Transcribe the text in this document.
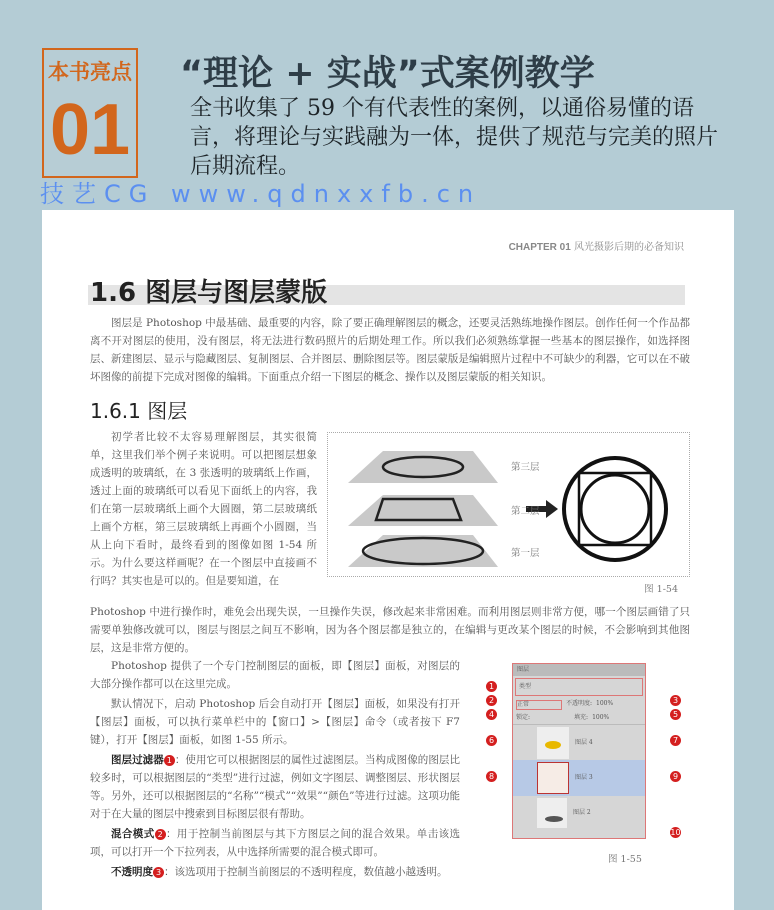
本书亮点
01
“理论 + 实战”式案例教学
全书收集了 59 个有代表性的案例，以通俗易懂的语言，将理论与实践融为一体，提供了规范与完美的照片后期流程。
CHAPTER 01 风光摄影后期的必备知识
1.6 图层与图层蒙版
图层是 Photoshop 中最基础、最重要的内容，除了要正确理解图层的概念，还要灵活熟练地操作图层。创作任何一个作品都离不开对图层的使用，没有图层，将无法进行数码照片的后期处理工作。所以我们必须熟练掌握一些基本的图层操作，如选择图层、新建图层、显示与隐藏图层、复制图层、合并图层、删除图层等。图层蒙版是编辑照片过程中不可缺少的利器，它可以在不破坏图像的前提下完成对图像的编辑。下面重点介绍一下图层的概念、操作以及图层蒙版的相关知识。
1.6.1 图层
第三层
第二层
第一层
图 1-54

初学者比较不太容易理解图层，其实很简单，这里我们举个例子来说明。可以把图层想象成透明的玻璃纸，在 3 张透明的玻璃纸上作画，透过上面的玻璃纸可以看见下面纸上的内容，我们在第一层玻璃纸上画个大圆圈，第二层玻璃纸上画个方框，第三层玻璃纸上再画个小圆圈，当从上向下看时，最终看到的图像如图 1-54 所示。为什么要这样画呢？在一个图层中直接画不行吗？其实也是可以的。但是要知道，在

Photoshop 中进行操作时，难免会出现失误，一旦操作失误，修改起来非常困难。而利用图层则非常方便，哪一个图层画错了只需要单独修改就可以，图层与图层之间互不影响，因为各个图层都是独立的，在编辑与更改某个图层的时候，不会影响到其他图层，这是非常方便的。

图层
类型
正常	不透明度: 100%
锁定:	填充: 100%
图层 4
图层 3
图层 2
1
2	3
4	5
6	7
8	9
10
图 1-55

Photoshop 提供了一个专门控制图层的面板，即【图层】面板，对图层的大部分操作都可以在这里完成。

默认情况下，启动 Photoshop 后会自动打开【图层】面板，如果没有打开【图层】面板，可以执行菜单栏中的【窗口】>【图层】命令（或者按下 F7 键），打开【图层】面板，如图 1-55 所示。

图层过滤器 1 ：使用它可以根据图层的属性过滤图层。当构成图像的图层比较多时，可以根据图层的“类型”进行过滤，例如文字图层、调整图层、形状图层等。另外，还可以根据图层的“名称”“模式”“效果”“颜色”等进行过滤。这项功能对于在大量的图层中搜索到目标图层很有帮助。

混合模式 2 ：用于控制当前图层与其下方图层之间的混合效果。单击该选项，可以打开一个下拉列表，从中选择所需要的混合模式即可。

不透明度 3 ：该选项用于控制当前图层的不透明程度，数值越小越透明。

技艺CG www.qdnxxfb.cn
